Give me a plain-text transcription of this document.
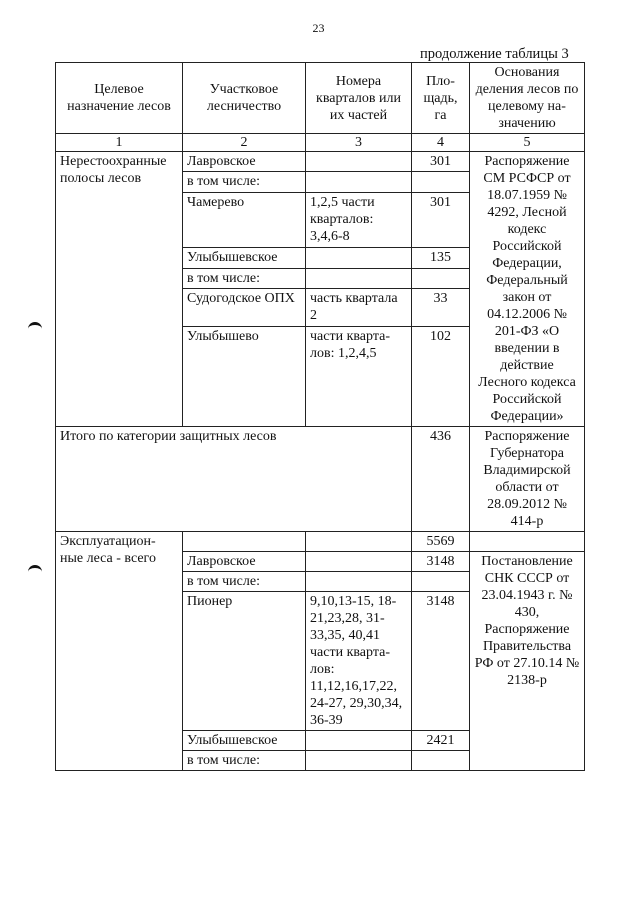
23
продолжение таблицы 3
Целевое назначение лесов	Участковое лесничество	Номера кварталов или их частей	Пло-щадь, га	Основания деления лесов по целевому на-значению
1	2	3	4	5
Нерестоохранные полосы лесов	Лавровское		301	Распоряжение СМ РСФСР от 18.07.1959 № 4292, Лесной кодекс Российской Федерации, Федеральный закон от 04.12.2006 № 201-ФЗ «О введении в действие Лесного кодекса Российской Федерации»
	в том числе:			
	Чамерево	1,2,5 части кварталов: 3,4,6-8	301	
	Улыбышевское		135	
	в том числе:			
	Судогодское ОПХ	часть квартала 2	33	
	Улыбышево	части кварта-лов: 1,2,4,5	102	
Итого по категории защитных лесов			436	Распоряжение Губернатора Владимирской области от 28.09.2012 № 414-р
Эксплуатацион-ные леса - всего			5569	
	Лавровское		3148	Постановление СНК СССР от 23.04.1943 г. № 430, Распоряжение Правительства РФ от 27.10.14 № 2138-р
	в том числе:			
	Пионер	9,10,13-15, 18-21,23,28, 31-33,35, 40,41 части кварта-лов: 11,12,16,17,22, 24-27, 29,30,34, 36-39	3148	
	Улыбышевское		2421	
	в том числе:			
